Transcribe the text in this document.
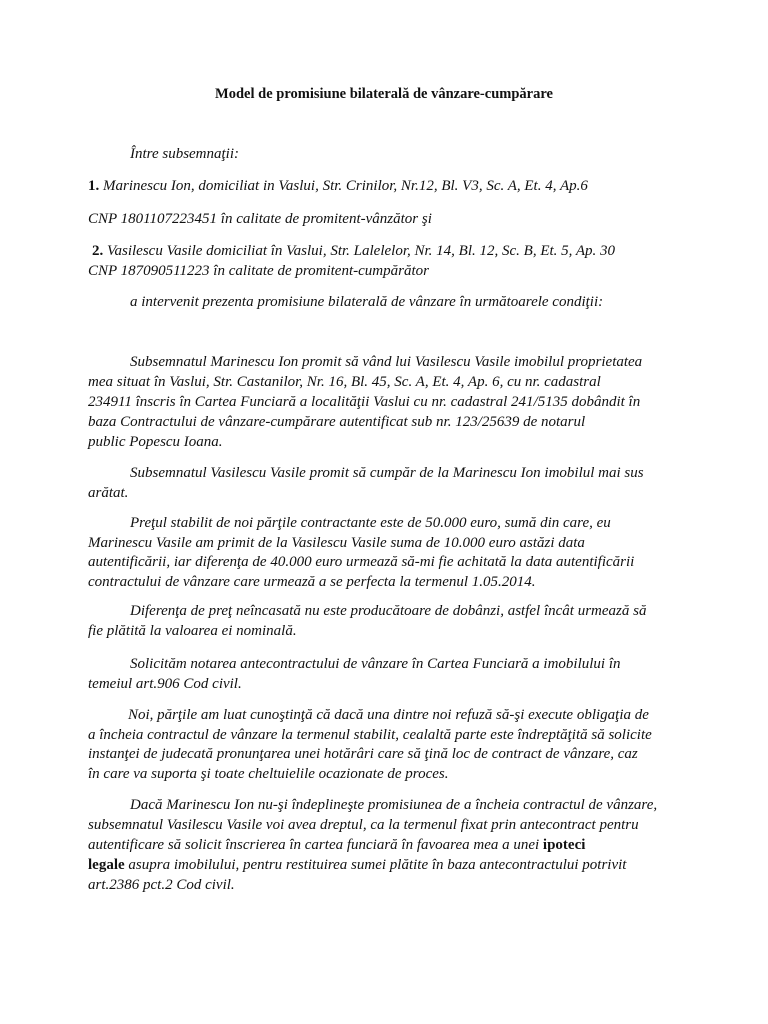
Model de promisiune bilaterală de vânzare-cumpărare
Între subsemnaţii:
1. Marinescu Ion, domiciliat in Vaslui, Str. Crinilor, Nr.12, Bl. V3, Sc. A, Et. 4, Ap.6
CNP 1801107223451 în calitate de promitent-vânzător şi
2. Vasilescu Vasile domiciliat în Vaslui, Str. Lalelelor, Nr. 14, Bl. 12, Sc. B, Et. 5, Ap. 30
CNP 187090511223 în calitate de promitent-cumpărător
a intervenit prezenta promisiune bilaterală de vânzare în următoarele condiţii:
Subsemnatul Marinescu Ion promit să vând lui Vasilescu Vasile imobilul proprietatea
mea situat în Vaslui, Str. Castanilor, Nr. 16, Bl. 45, Sc. A, Et. 4, Ap. 6, cu nr. cadastral
234911 înscris în Cartea Funciară a localităţii Vaslui cu nr. cadastral 241/5135 dobândit în
baza Contractului de vânzare-cumpărare autentificat sub nr. 123/25639 de notarul
public Popescu Ioana.
Subsemnatul Vasilescu Vasile promit să cumpăr de la Marinescu Ion imobilul mai sus
arătat.
Preţul stabilit de noi părţile contractante este de 50.000 euro, sumă din care, eu
Marinescu Vasile am primit de la Vasilescu Vasile suma de 10.000 euro astăzi data
autentificării, iar diferenţa de 40.000 euro urmează să-mi fie achitată la data autentificării
contractului de vânzare care urmează a se perfecta la termenul 1.05.2014.
Diferenţa de preţ neîncasată nu este producătoare de dobânzi, astfel încât urmează să
fie plătită la valoarea ei nominală.
Solicităm notarea antecontractului de vânzare în Cartea Funciară a imobilului în
temeiul art.906 Cod civil.
Noi, părţile am luat cunoştinţă că dacă una dintre noi refuză să-şi execute obligaţia de
a încheia contractul de vânzare la termenul stabilit, cealaltă parte este îndreptăţită să solicite
instanţei de judecată pronunţarea unei hotărâri care să ţină loc de contract de vânzare, caz
în care va suporta şi toate cheltuielile ocazionate de proces.
Dacă Marinescu Ion nu-şi îndeplineşte promisiunea de a încheia contractul de vânzare,
subsemnatul Vasilescu Vasile voi avea dreptul, ca la termenul fixat prin antecontract pentru
autentificare să solicit înscrierea în cartea funciară în favoarea mea a unei ipoteci
legale asupra imobilului, pentru restituirea sumei plătite în baza antecontractului potrivit
art.2386 pct.2 Cod civil.
